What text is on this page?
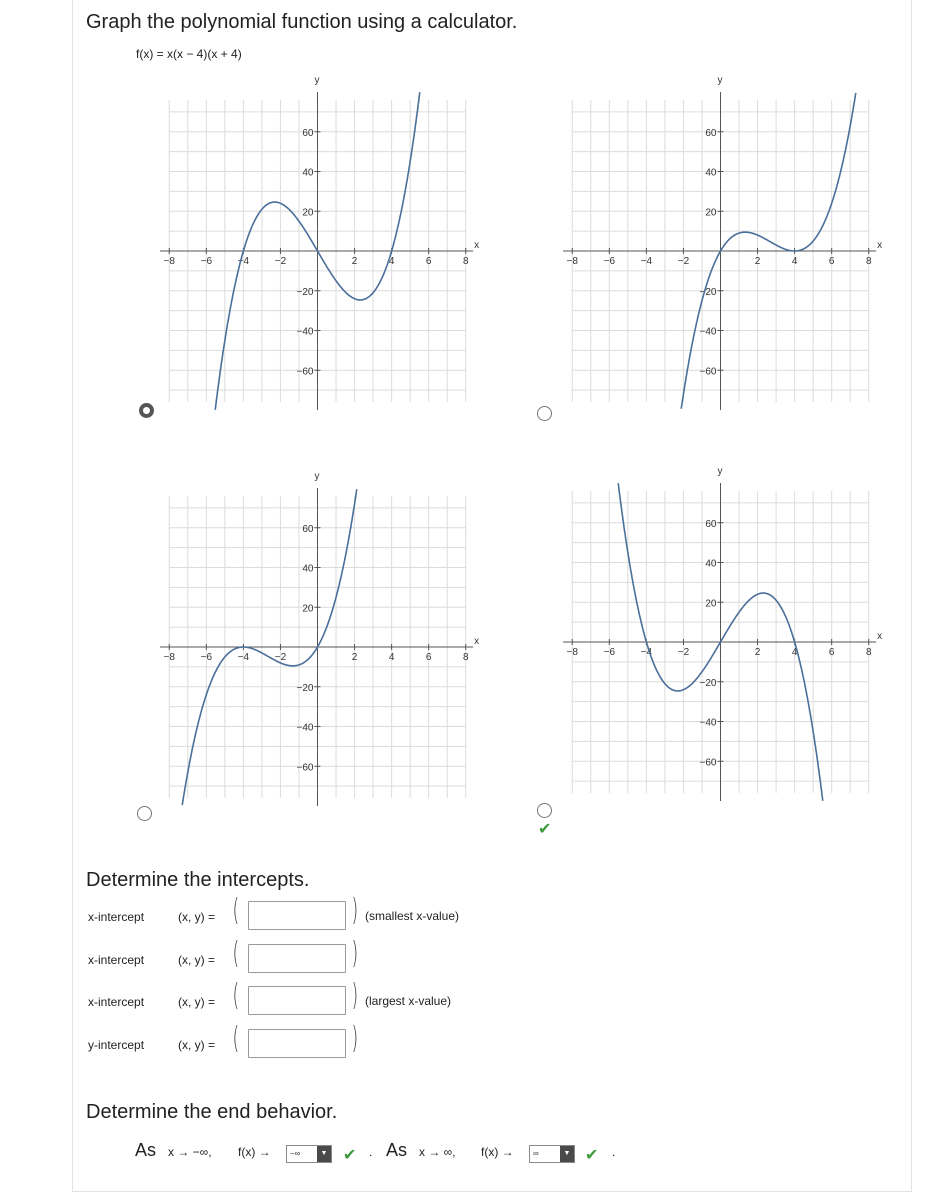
Graph the polynomial function using a calculator.
f(x) = x(x − 4)(x + 4)
−8	−6	−4	−2	2	4	6	8
60
40
20
−20
−40
−60
x
y
−8	−6	−4	−2	2	4	6	8
60
40
20
−20
−40
−60
x
y
−8	−6	−4	−2	2	4	6	8
60
40
20
−20
−40
−60
x
y
−8	−6	−4	−2	2	4	6	8
60
40
20
−20
−40
−60
x
y
✔
Determine the intercepts.
x-intercept	(x, y) = (	) (smallest x-value)
x-intercept	(x, y) = (	)
x-intercept	(x, y) = (	) (largest x-value)
y-intercept	(x, y) = (	)
Determine the end behavior.
As x → −∞, f(x) →	−∞	▼ ✔ . As x → ∞, f(x) →	∞	▼ ✔ .
